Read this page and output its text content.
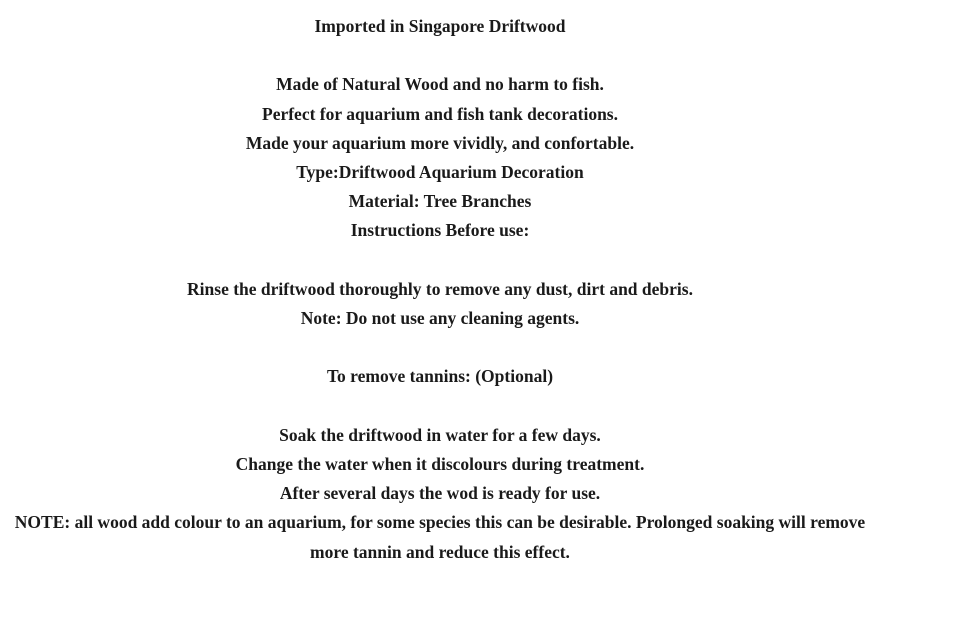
Imported in Singapore Driftwood
Made of Natural Wood and no harm to fish.
Perfect for aquarium and fish tank decorations.
Made your aquarium more vividly, and confortable.
Type:Driftwood Aquarium Decoration
Material: Tree Branches
Instructions Before use:
Rinse the driftwood thoroughly to remove any dust, dirt and debris.
Note: Do not use any cleaning agents.
To remove tannins: (Optional)
Soak the driftwood in water for a few days.
Change the water when it discolours during treatment.
After several days the wod is ready for use.
NOTE: all wood add colour to an aquarium, for some species this can be desirable. Prolonged soaking will remove more tannin and reduce this effect.
